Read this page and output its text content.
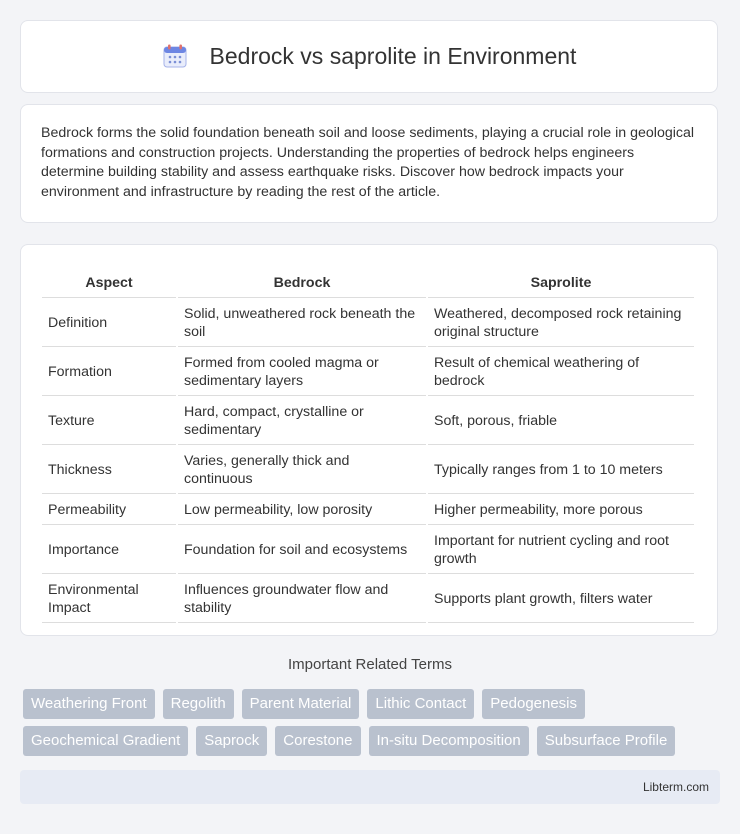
Bedrock vs saprolite in Environment

Bedrock forms the solid foundation beneath soil and loose sediments, playing a crucial role in geological formations and construction projects. Understanding the properties of bedrock helps engineers determine building stability and assess earthquake risks. Discover how bedrock impacts your environment and infrastructure by reading the rest of the article.

Aspect	Bedrock	Saprolite
Definition	Solid, unweathered rock beneath the soil	Weathered, decomposed rock retaining original structure
Formation	Formed from cooled magma or sedimentary layers	Result of chemical weathering of bedrock
Texture	Hard, compact, crystalline or sedimentary	Soft, porous, friable
Thickness	Varies, generally thick and continuous	Typically ranges from 1 to 10 meters
Permeability	Low permeability, low porosity	Higher permeability, more porous
Importance	Foundation for soil and ecosystems	Important for nutrient cycling and root growth
Environmental Impact	Influences groundwater flow and stability	Supports plant growth, filters water
Important Related Terms
Weathering Front	Regolith	Parent Material	Lithic Contact	Pedogenesis
Geochemical Gradient	Saprock	Corestone	In-situ Decomposition	Subsurface Profile
Libterm.com
